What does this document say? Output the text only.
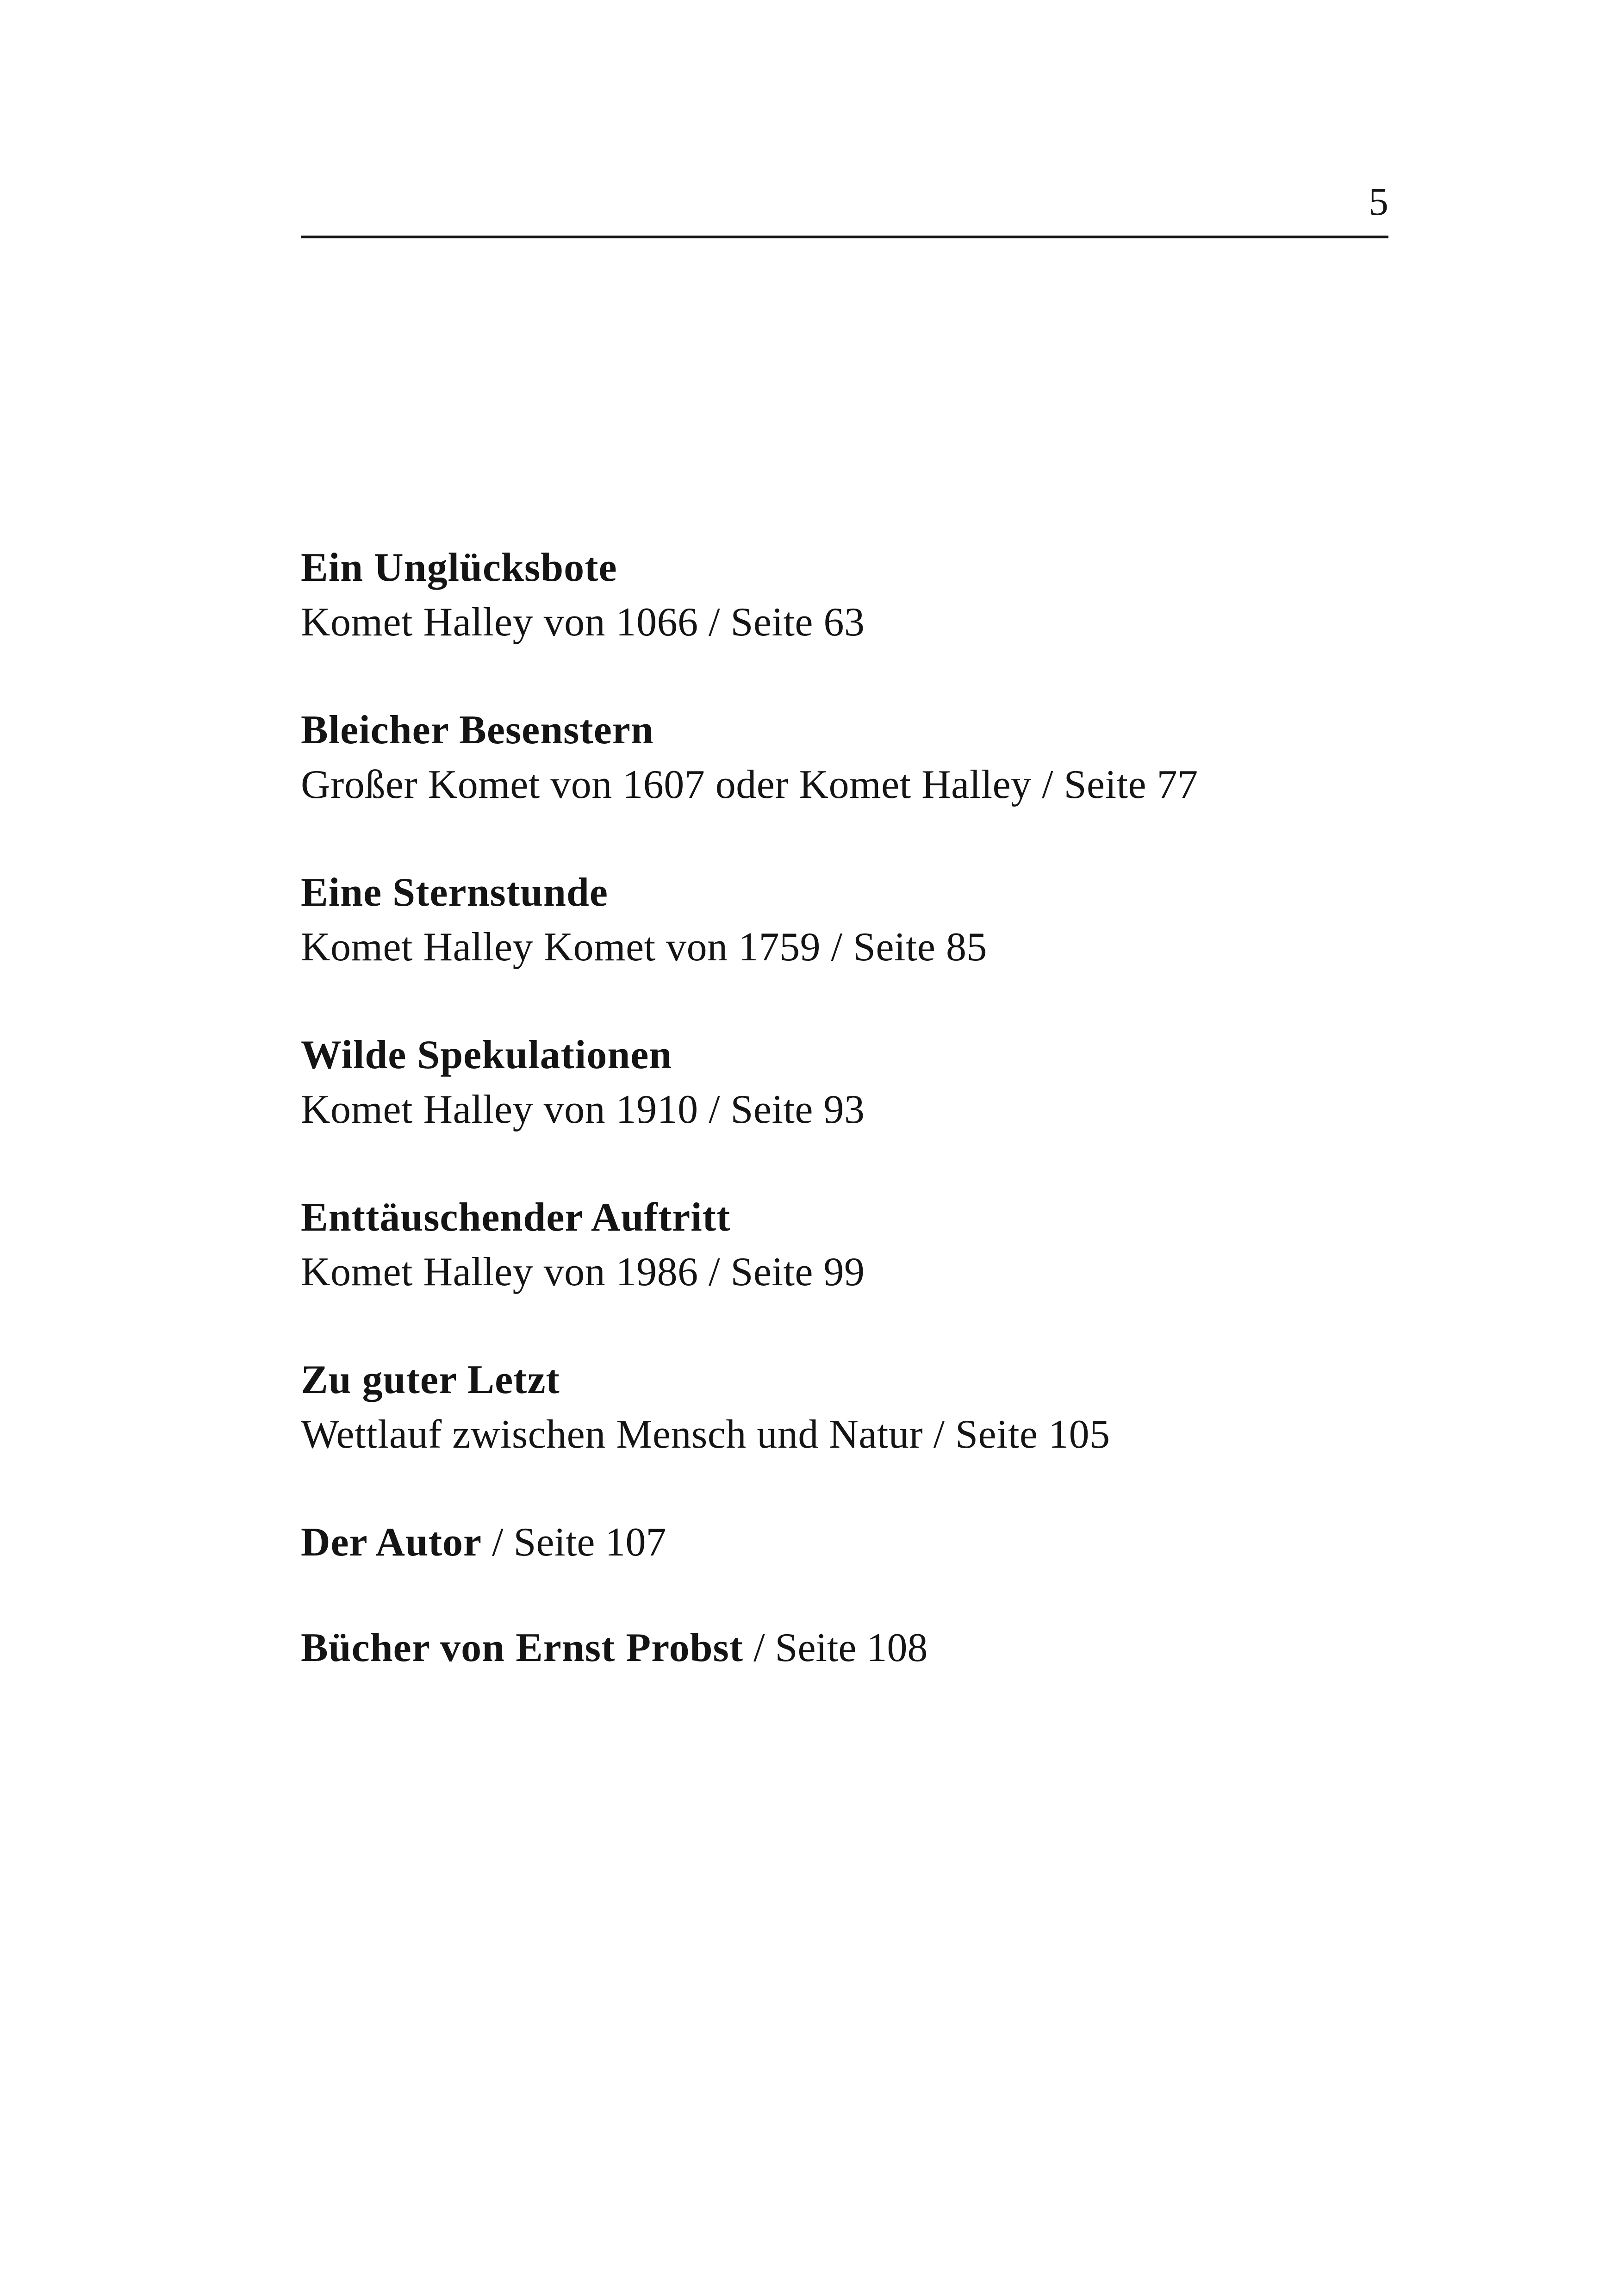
5
Ein Unglücksbote
Komet Halley von 1066 / Seite 63
Bleicher Besenstern
Großer Komet von 1607 oder Komet Halley / Seite 77
Eine Sternstunde
Komet Halley Komet von 1759 / Seite 85
Wilde Spekulationen
Komet Halley von 1910 / Seite 93
Enttäuschender Auftritt
Komet Halley von 1986 / Seite 99
Zu guter Letzt
Wettlauf zwischen Mensch und Natur / Seite 105
Der Autor / Seite 107
Bücher von Ernst Probst / Seite 108
